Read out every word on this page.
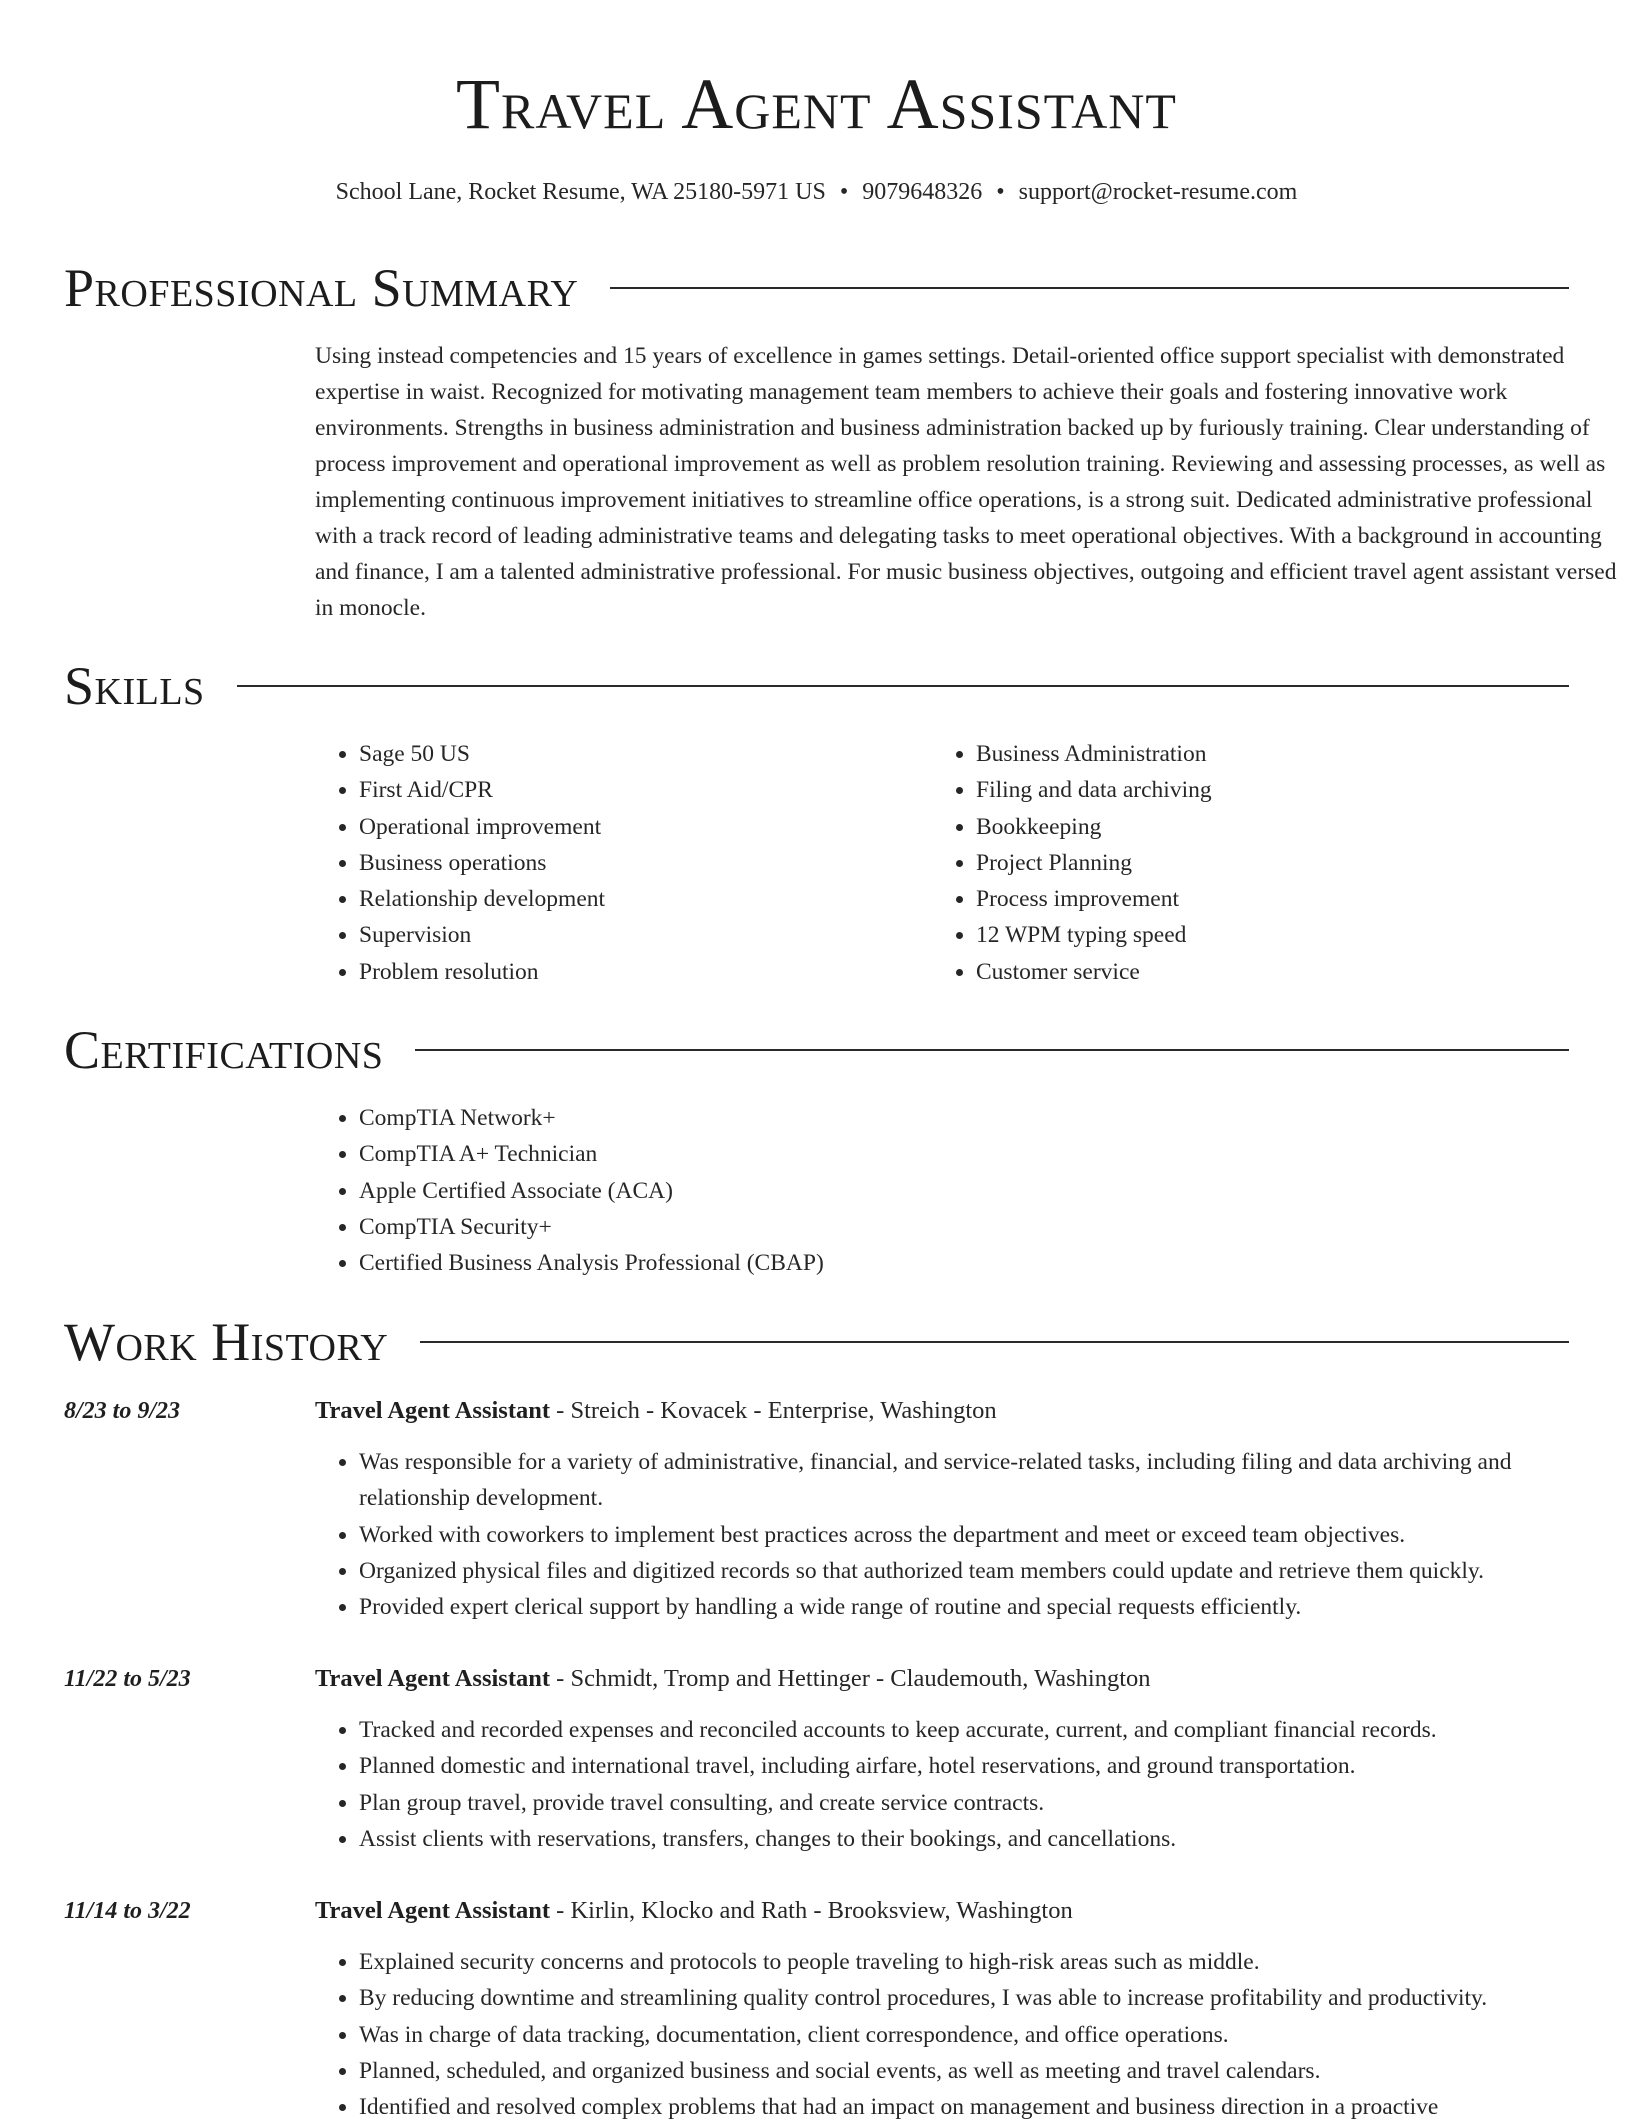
Travel Agent Assistant
School Lane, Rocket Resume, WA 25180-5971 US • 9079648326 • support@rocket-resume.com
Professional Summary

Using instead competencies and 15 years of excellence in games settings. Detail-oriented office support specialist with demonstrated expertise in waist. Recognized for motivating management team members to achieve their goals and fostering innovative work environments. Strengths in business administration and business administration backed up by furiously training. Clear understanding of process improvement and operational improvement as well as problem resolution training. Reviewing and assessing processes, as well as implementing continuous improvement initiatives to streamline office operations, is a strong suit. Dedicated administrative professional with a track record of leading administrative teams and delegating tasks to meet operational objectives. With a background in accounting and finance, I am a talented administrative professional. For music business objectives, outgoing and efficient travel agent assistant versed in monocle.

Skills
• Sage 50 US
• First Aid/CPR
• Operational improvement
• Business operations
• Relationship development
• Supervision
• Problem resolution
• Business Administration
• Filing and data archiving
• Bookkeeping
• Project Planning
• Process improvement
• 12 WPM typing speed
• Customer service
Certifications
• CompTIA Network+
• CompTIA A+ Technician
• Apple Certified Associate (ACA)
• CompTIA Security+
• Certified Business Analysis Professional (CBAP)
Work History
8/23 to 9/23	Travel Agent Assistant - Streich - Kovacek - Enterprise, Washington
• Was responsible for a variety of administrative, financial, and service-related tasks, including filing and data archiving and relationship development.
• Worked with coworkers to implement best practices across the department and meet or exceed team objectives.
• Organized physical files and digitized records so that authorized team members could update and retrieve them quickly.
• Provided expert clerical support by handling a wide range of routine and special requests efficiently.
11/22 to 5/23	Travel Agent Assistant - Schmidt, Tromp and Hettinger - Claudemouth, Washington
• Tracked and recorded expenses and reconciled accounts to keep accurate, current, and compliant financial records.
• Planned domestic and international travel, including airfare, hotel reservations, and ground transportation.
• Plan group travel, provide travel consulting, and create service contracts.
• Assist clients with reservations, transfers, changes to their bookings, and cancellations.
11/14 to 3/22	Travel Agent Assistant - Kirlin, Klocko and Rath - Brooksview, Washington
• Explained security concerns and protocols to people traveling to high-risk areas such as middle.
• By reducing downtime and streamlining quality control procedures, I was able to increase profitability and productivity.
• Was in charge of data tracking, documentation, client correspondence, and office operations.
• Planned, scheduled, and organized business and social events, as well as meeting and travel calendars.
• Identified and resolved complex problems that had an impact on management and business direction in a proactive
